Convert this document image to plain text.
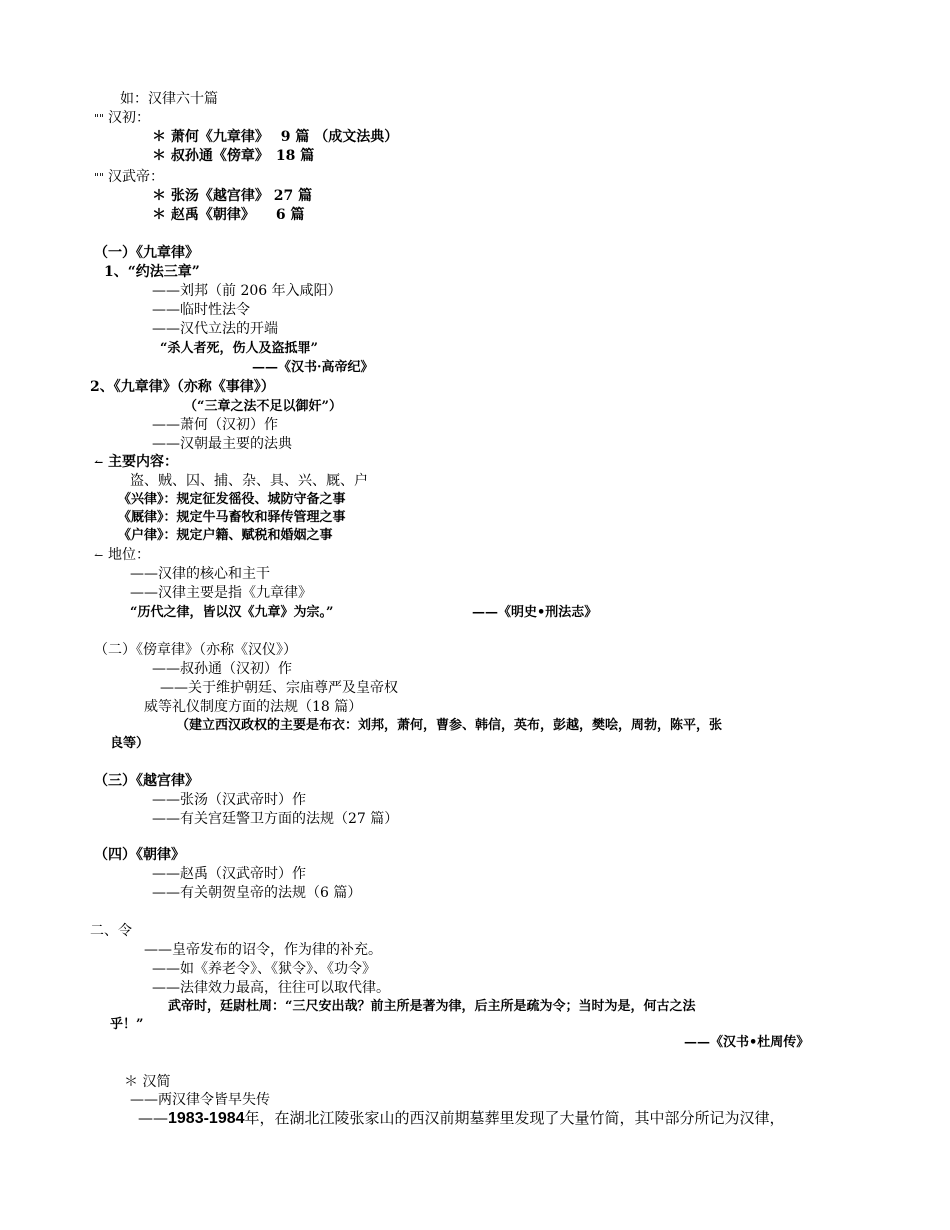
如：汉律六十篇
"" 汉初：
＊ 萧何《九章律》　 9 篇 （成文法典）
＊ 叔孙通《傍章》　18 篇
"" 汉武帝：
＊ 张汤《越宫律》 27 篇
＊ 赵禹《朝律》　　6 篇
（一）《九章律》
1、“约法三章”
——刘邦（前 206 年入咸阳）
——临时性法令
——汉代立法的开端
“杀人者死，伤人及盗抵罪”
——《汉书·高帝纪》
2、《九章律》（亦称《事律》）
（“三章之法不足以御奸”）
——萧何（汉初）作
——汉朝最主要的法典
↼ 主要内容：
盗、贼、囚、捕、杂、具、兴、厩、户
《兴律》：规定征发徭役、城防守备之事
《厩律》：规定牛马畜牧和驿传管理之事
《户律》：规定户籍、赋税和婚姻之事
↼ 地位：
——汉律的核心和主干
——汉律主要是指《九章律》
“历代之律，皆以汉《九章》为宗。”	——《明史•刑法志》
（二）《傍章律》（亦称《汉仪》）
——叔孙通（汉初）作
——关于维护朝廷、宗庙尊严及皇帝权
威等礼仪制度方面的法规（18 篇）
（建立西汉政权的主要是布衣：刘邦，萧何，曹参、韩信，英布，彭越，樊哙，周勃，陈平，张
良等）
（三）《越宫律》
——张汤（汉武帝时）作
——有关宫廷警卫方面的法规（27 篇）
（四）《朝律》
——赵禹（汉武帝时）作
——有关朝贺皇帝的法规（6 篇）
二、令
——皇帝发布的诏令，作为律的补充。
——如《养老令》、《狱令》、《功令》
——法律效力最高，往往可以取代律。
武帝时，廷尉杜周：“三尺安出哉？前主所是著为律，后主所是疏为令；当时为是，何古之法
乎！”
——《汉书•杜周传》
＊ 汉简
——两汉律令皆早失传
——1983-1984年，在湖北江陵张家山的西汉前期墓葬里发现了大量竹简，其中部分所记为汉律，
